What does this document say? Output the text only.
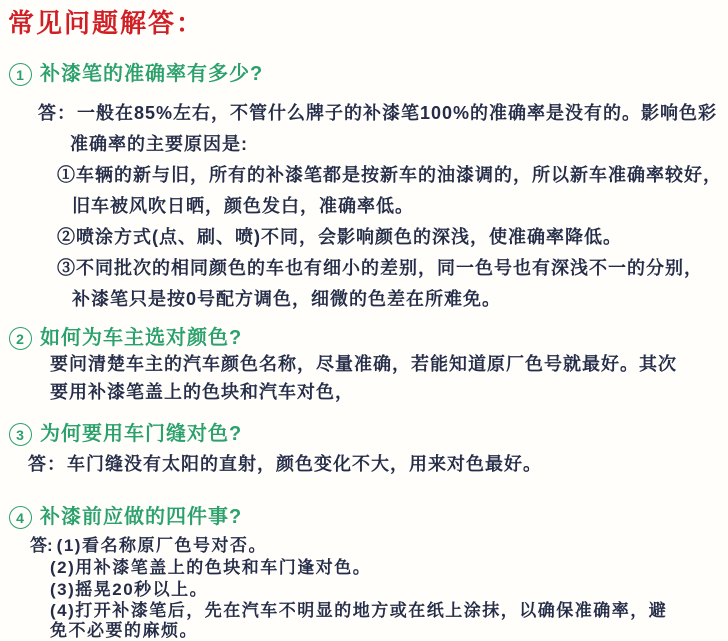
常见问题解答：
1 补漆笔的准确率有多少?
答：一般在85%左右，不管什么牌子的补漆笔100%的准确率是没有的。影响色彩
准确率的主要原因是:
①车辆的新与旧，所有的补漆笔都是按新车的油漆调的，所以新车准确率较好，
旧车被风吹日晒，颜色发白，准确率低。
②喷涂方式(点、刷、喷)不同，会影响颜色的深浅，使准确率降低。
③不同批次的相同颜色的车也有细小的差别，同一色号也有深浅不一的分别，
补漆笔只是按0号配方调色，细微的色差在所难免。
2 如何为车主选对颜色?
要问清楚车主的汽车颜色名称，尽量准确，若能知道原厂色号就最好。其次
要用补漆笔盖上的色块和汽车对色，
3 为何要用车门缝对色?
答：车门缝没有太阳的直射，颜色变化不大，用来对色最好。
4 补漆前应做的四件事?
答: (1)看名称原厂色号对否。
(2)用补漆笔盖上的色块和车门逢对色。
(3)摇晃20秒以上。
(4)打开补漆笔后，先在汽车不明显的地方或在纸上涂抹，以确保准确率，避
免不必要的麻烦。
